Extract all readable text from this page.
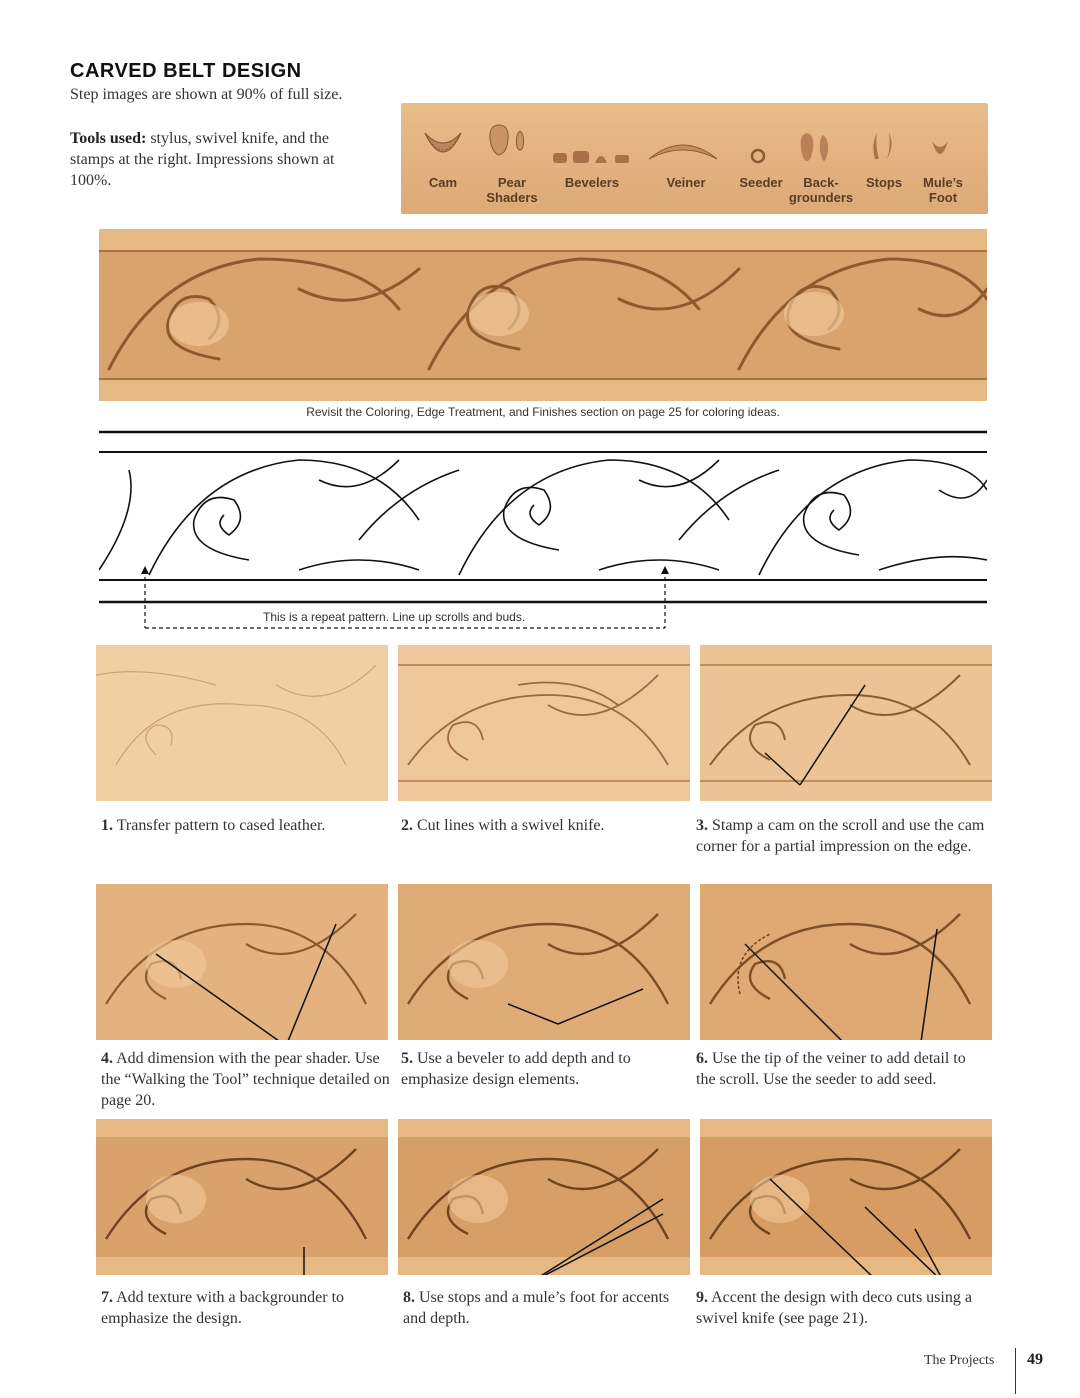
CARVED BELT DESIGN
Step images are shown at 90% of full size.
Tools used: stylus, swivel knife, and the stamps at the right. Impressions shown at 100%.	Cam	Pear
Shaders
Bevelers	Veiner	Seeder	Back-
grounders
Stops	Mule’s
Foot
Revisit the Coloring, Edge Treatment, and Finishes section on page 25 for coloring ideas.
This is a repeat pattern. Line up scrolls and buds.
1. Transfer pattern to cased leather.	2. Cut lines with a swivel knife.	3. Stamp a cam on the scroll and use the cam corner for a partial impression on the edge.
4. Add dimension with the pear shader. Use the “Walking the Tool” technique detailed on page 20.
5. Use a beveler to add depth and to emphasize design elements.
6. Use the tip of the veiner to add detail to the scroll. Use the seeder to add seed.
7. Add texture with a backgrounder to emphasize the design.
8. Use stops and a mule’s foot for accents and depth.
9. Accent the design with deco cuts using a swivel knife (see page 21).
The Projects 49
